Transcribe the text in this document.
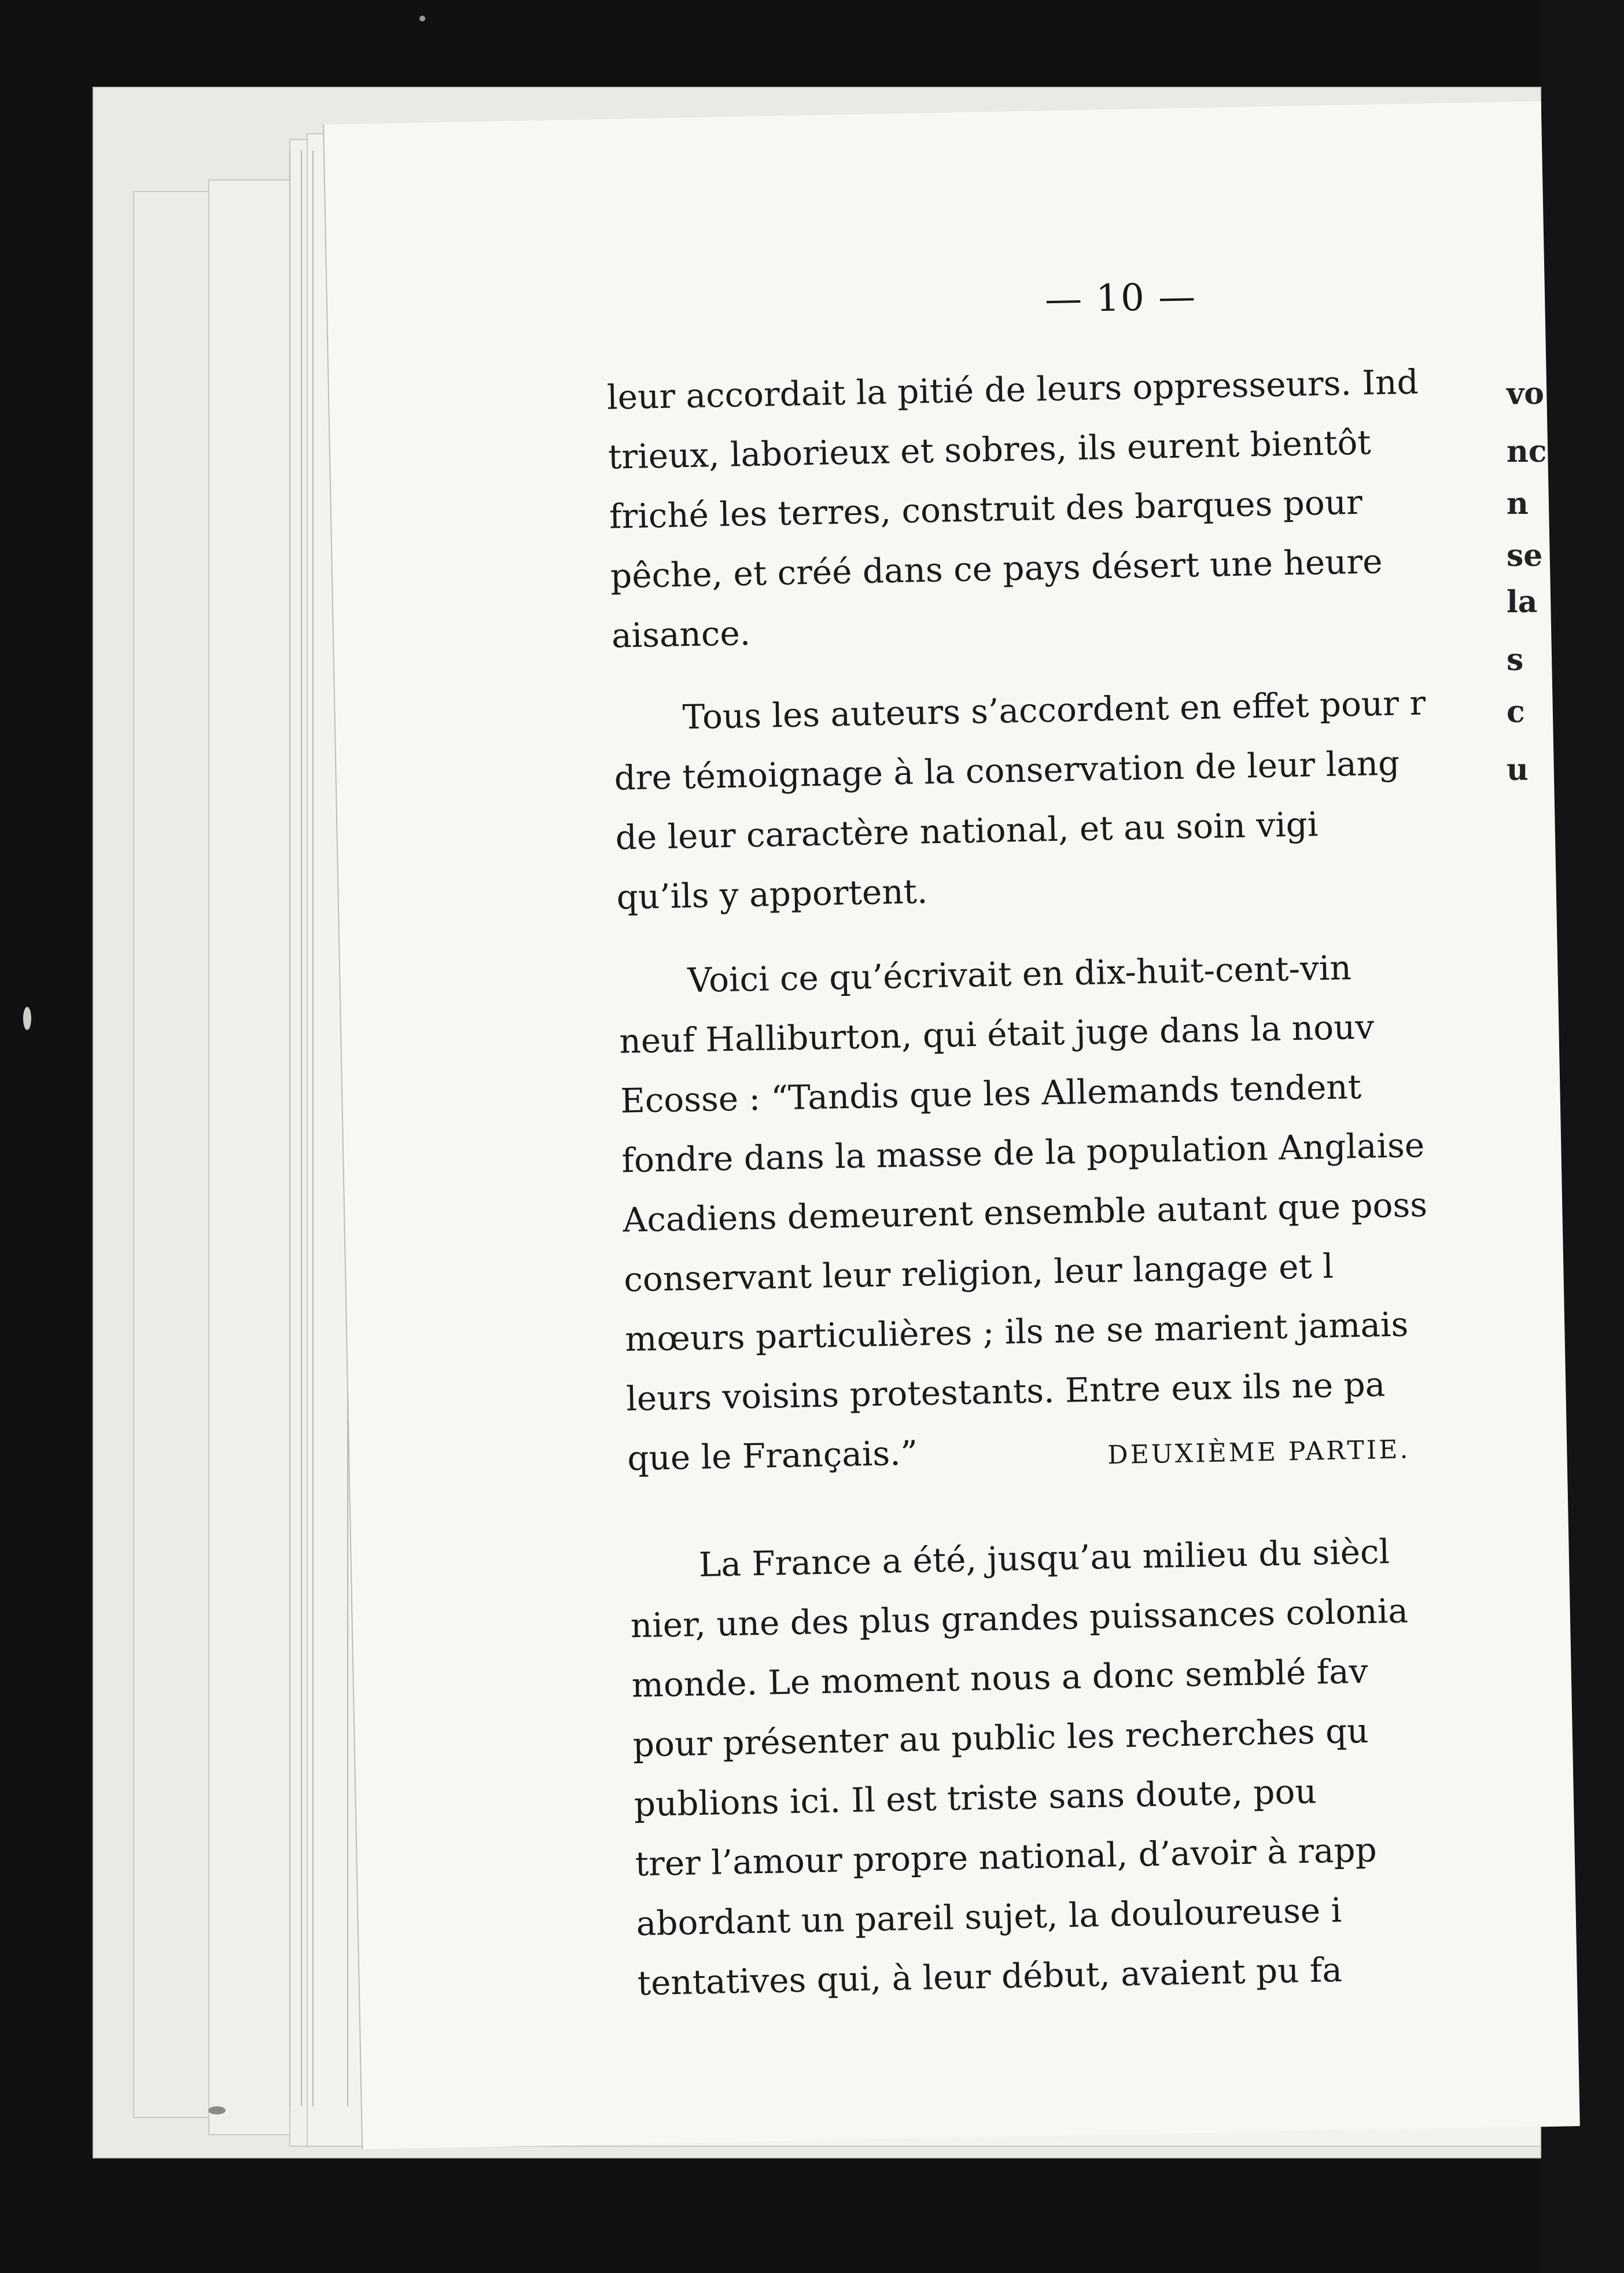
— 10 —
leur accordait la pitié de leurs oppresseurs. Ind
trieux, laborieux et sobres, ils eurent bientôt
friché les terres, construit des barques pour
pêche, et créé dans ce pays désert une heure
aisance.
Tous les auteurs s’accordent en effet pour r
dre témoignage à la conservation de leur lang
de leur caractère national, et au soin vigi
qu’ils y apportent.
Voici ce qu’écrivait en dix-huit-cent-vin
neuf Halliburton, qui était juge dans la nouv
Ecosse : “Tandis que les Allemands tendent
fondre dans la masse de la population Anglaise
Acadiens demeurent ensemble autant que poss
conservant leur religion, leur langage et l
mœurs particulières ; ils ne se marient jamais
leurs voisins protestants. Entre eux ils ne pa
que le Français.”	DEUXIÈME PARTIE.
La France a été, jusqu’au milieu du siècl
nier, une des plus grandes puissances colonia
monde. Le moment nous a donc semblé fav
pour présenter au public les recherches qu
publions ici. Il est triste sans doute, pou
trer l’amour propre national, d’avoir à rapp
abordant un pareil sujet, la douloureuse i
tentatives qui, à leur début, avaient pu fa
vo
nc
n
se
la
s
c
u
